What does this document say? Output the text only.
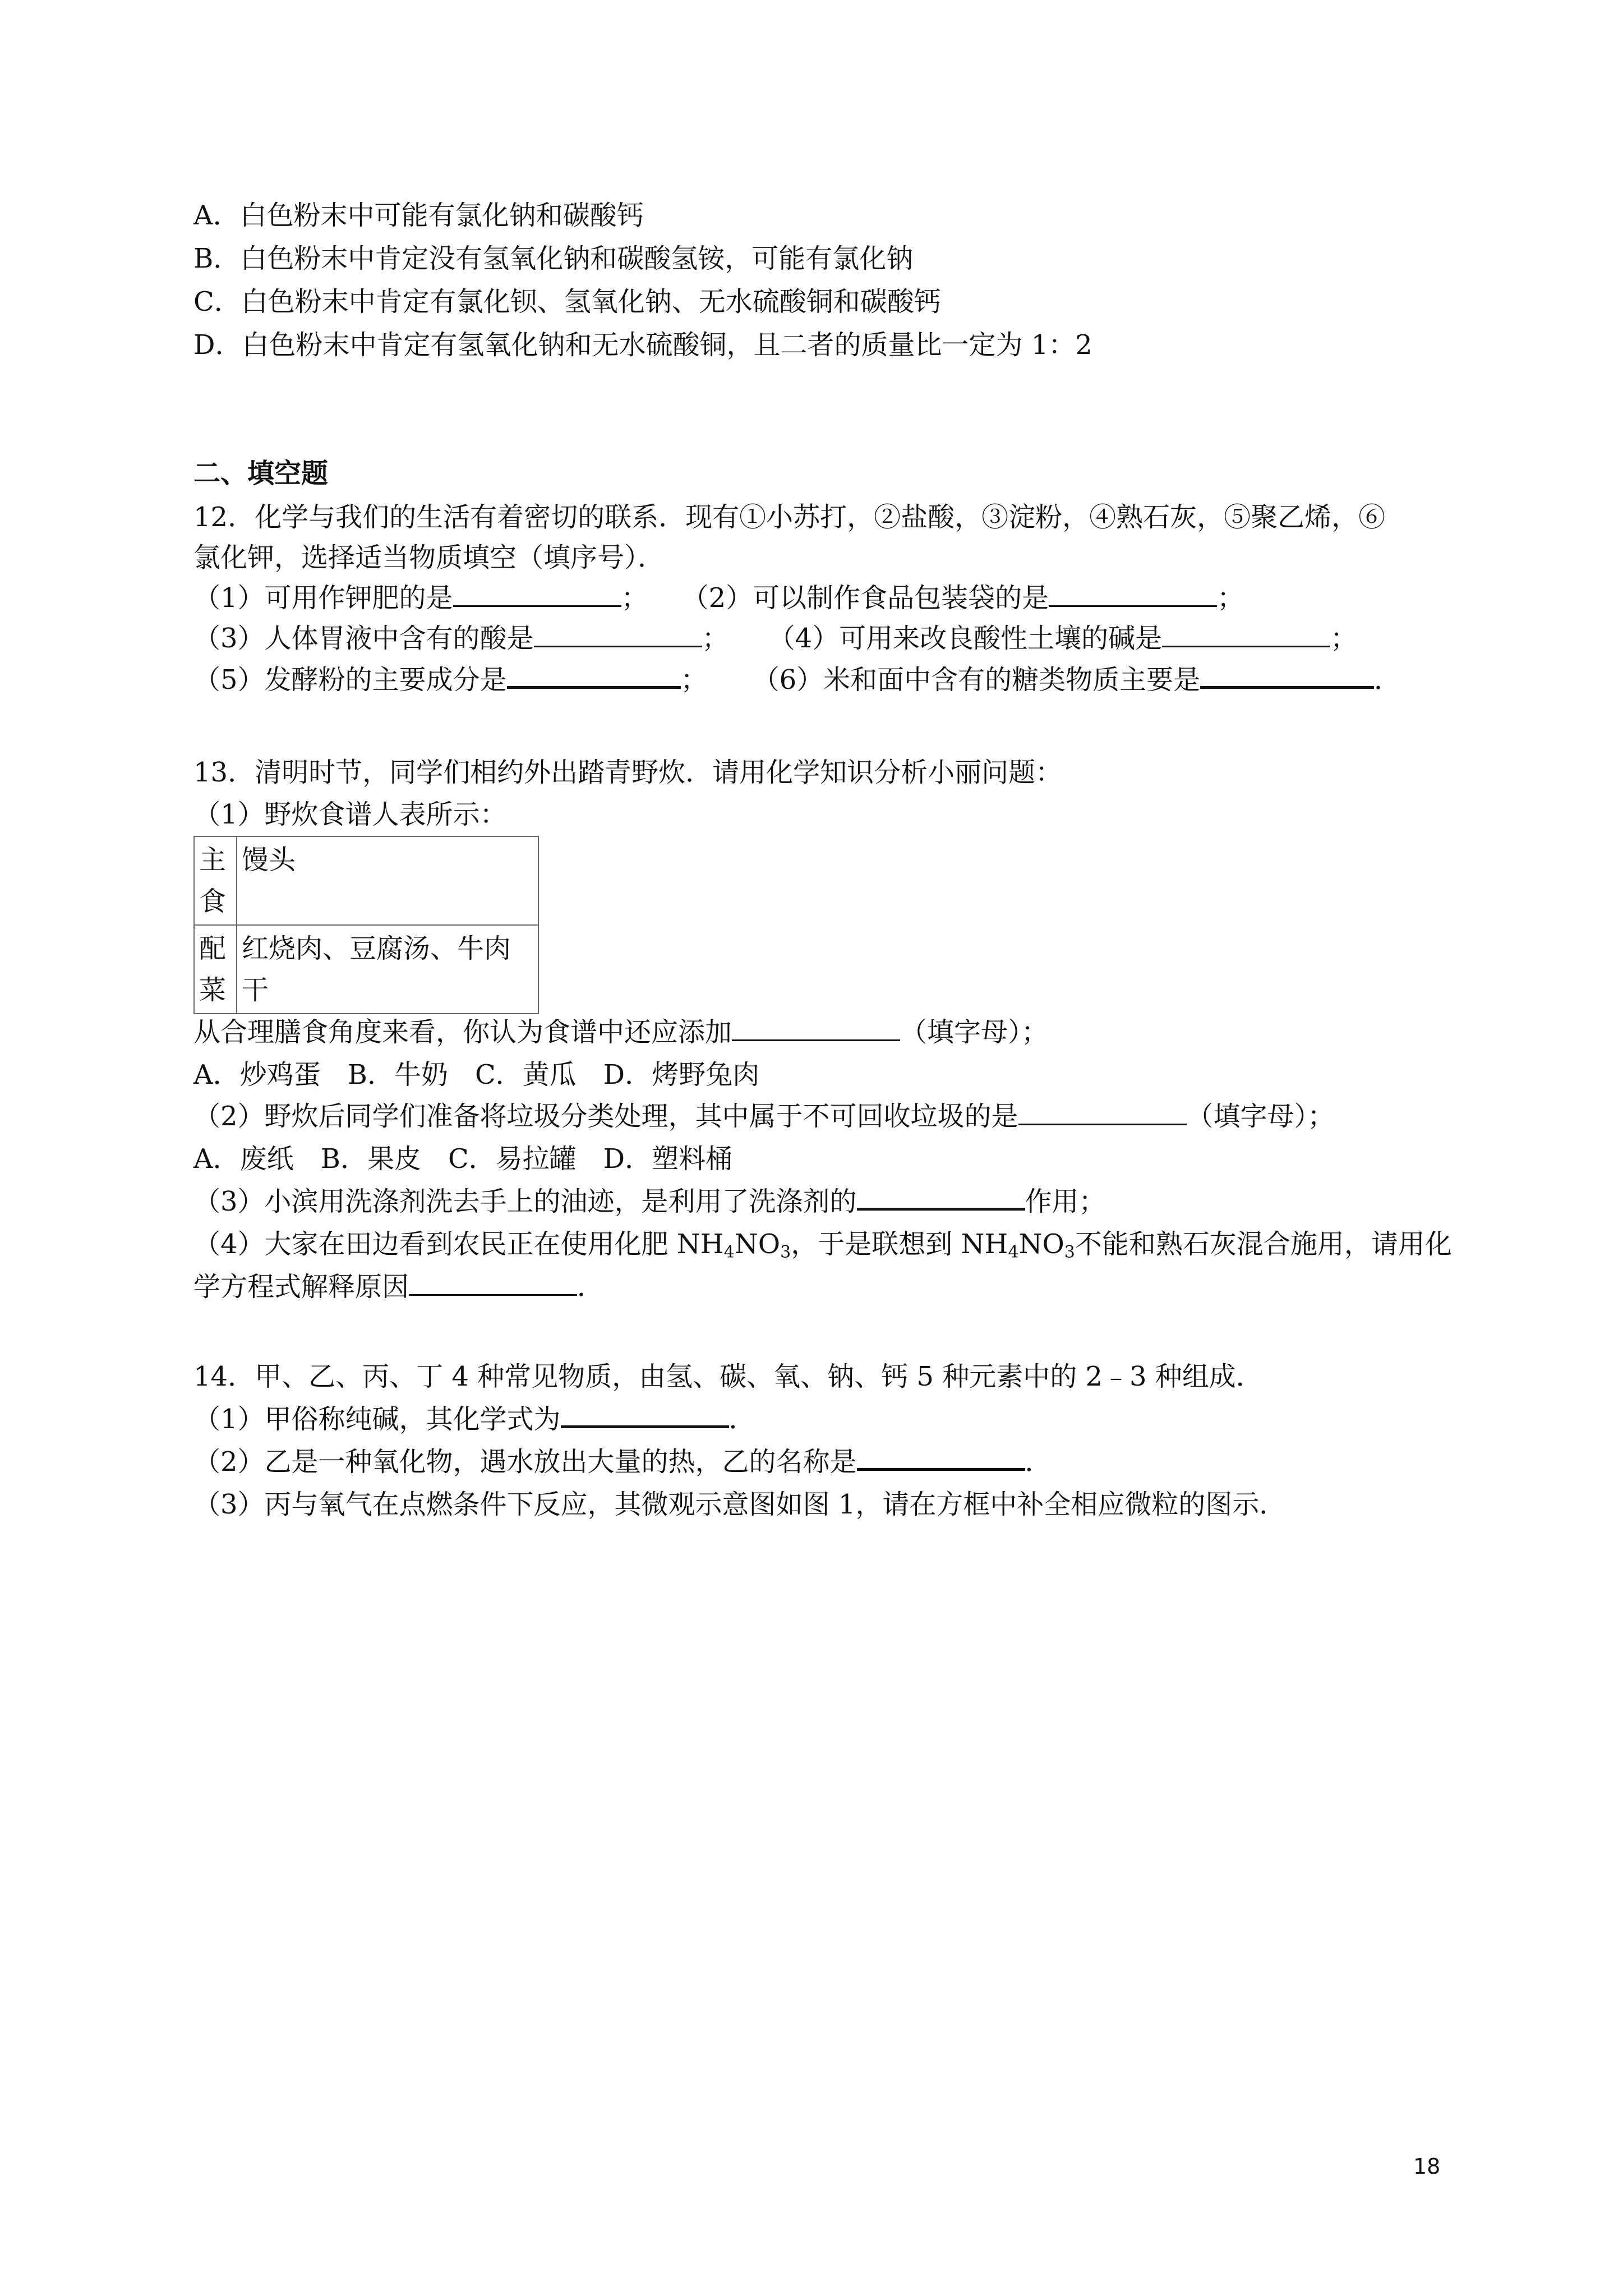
A．白色粉末中可能有氯化钠和碳酸钙
B．白色粉末中肯定没有氢氧化钠和碳酸氢铵，可能有氯化钠
C．白色粉末中肯定有氯化钡、氢氧化钠、无水硫酸铜和碳酸钙
D．白色粉末中肯定有氢氧化钠和无水硫酸铜，且二者的质量比一定为 1：2
二、填空题
12．化学与我们的生活有着密切的联系．现有①小苏打，②盐酸，③淀粉，④熟石灰，⑤聚乙烯，⑥
氯化钾，选择适当物质填空（填序号）．
（1）可用作钾肥的是	； （2）可以制作食品包装袋的是	；
（3）人体胃液中含有的酸是	； （4）可用来改良酸性土壤的碱是	；
（5）发酵粉的主要成分是	； （6）米和面中含有的糖类物质主要是	．
13．清明时节，同学们相约外出踏青野炊．请用化学知识分析小丽问题：
（1）野炊食谱人表所示：
主
食	馒头
配
菜	红烧肉、豆腐汤、牛肉干
从合理膳食角度来看，你认为食谱中还应添加	（填字母）；
A．炒鸡蛋　B．牛奶　C．黄瓜　D．烤野兔肉
（2）野炊后同学们准备将垃圾分类处理，其中属于不可回收垃圾的是	（填字母）；
A．废纸　B．果皮　C．易拉罐　D．塑料桶
（3）小滨用洗涤剂洗去手上的油迹，是利用了洗涤剂的	作用；
（4）大家在田边看到农民正在使用化肥 $NH_4NO_3$，于是联想到 $NH_4NO_3$不能和熟石灰混合施用，请用化
学方程式解释原因	．
14．甲、乙、丙、丁 4 种常见物质，由氢、碳、氧、钠、钙 5 种元素中的 2﹣3 种组成．
（1）甲俗称纯碱，其化学式为	．
（2）乙是一种氧化物，遇水放出大量的热，乙的名称是	．
（3）丙与氧气在点燃条件下反应，其微观示意图如图 1，请在方框中补全相应微粒的图示．
18
